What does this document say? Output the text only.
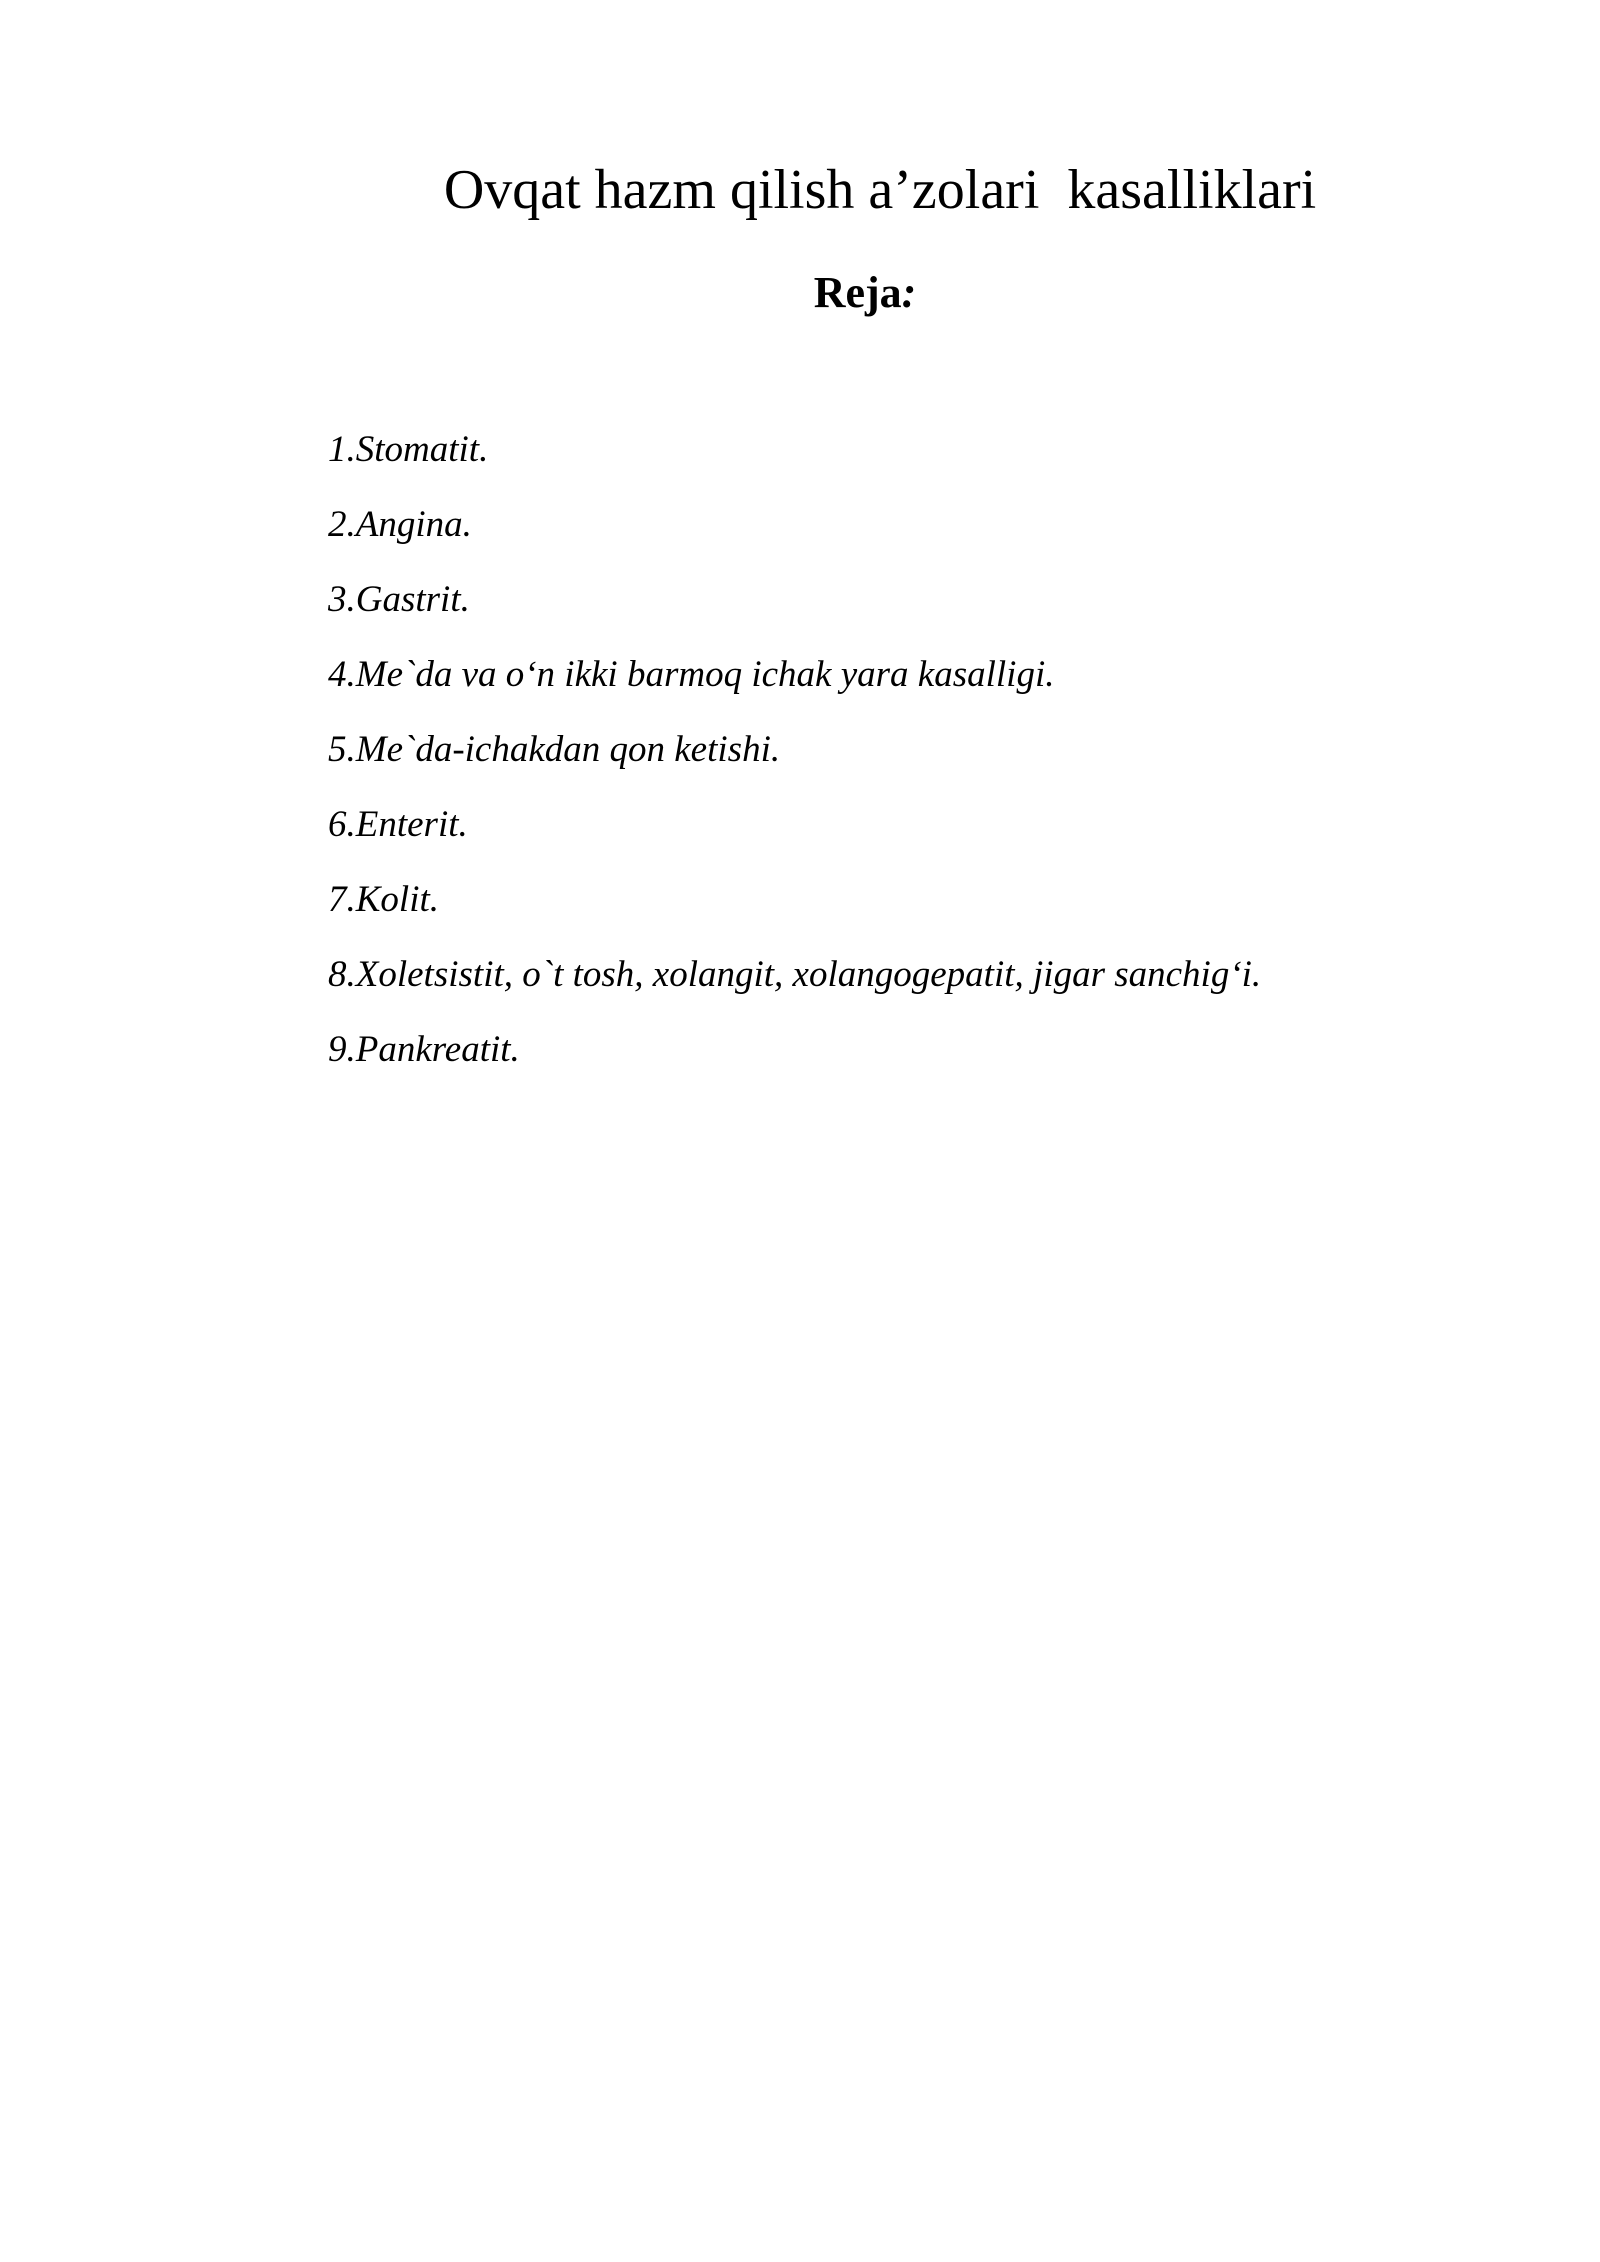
Ovqat hazm qilish a’zolari  kasalliklari
Reja:
1.Stomatit.
2.Angina.
3.Gastrit.
4.Me`da va o‘n ikki barmoq ichak yara kasalligi.
5.Me`da-ichakdan qon ketishi.
6.Enterit.
7.Kolit.
8.Xoletsistit, o`t tosh, xolangit, xolangogepatit, jigar sanchig‘i.
9.Pankreatit.
